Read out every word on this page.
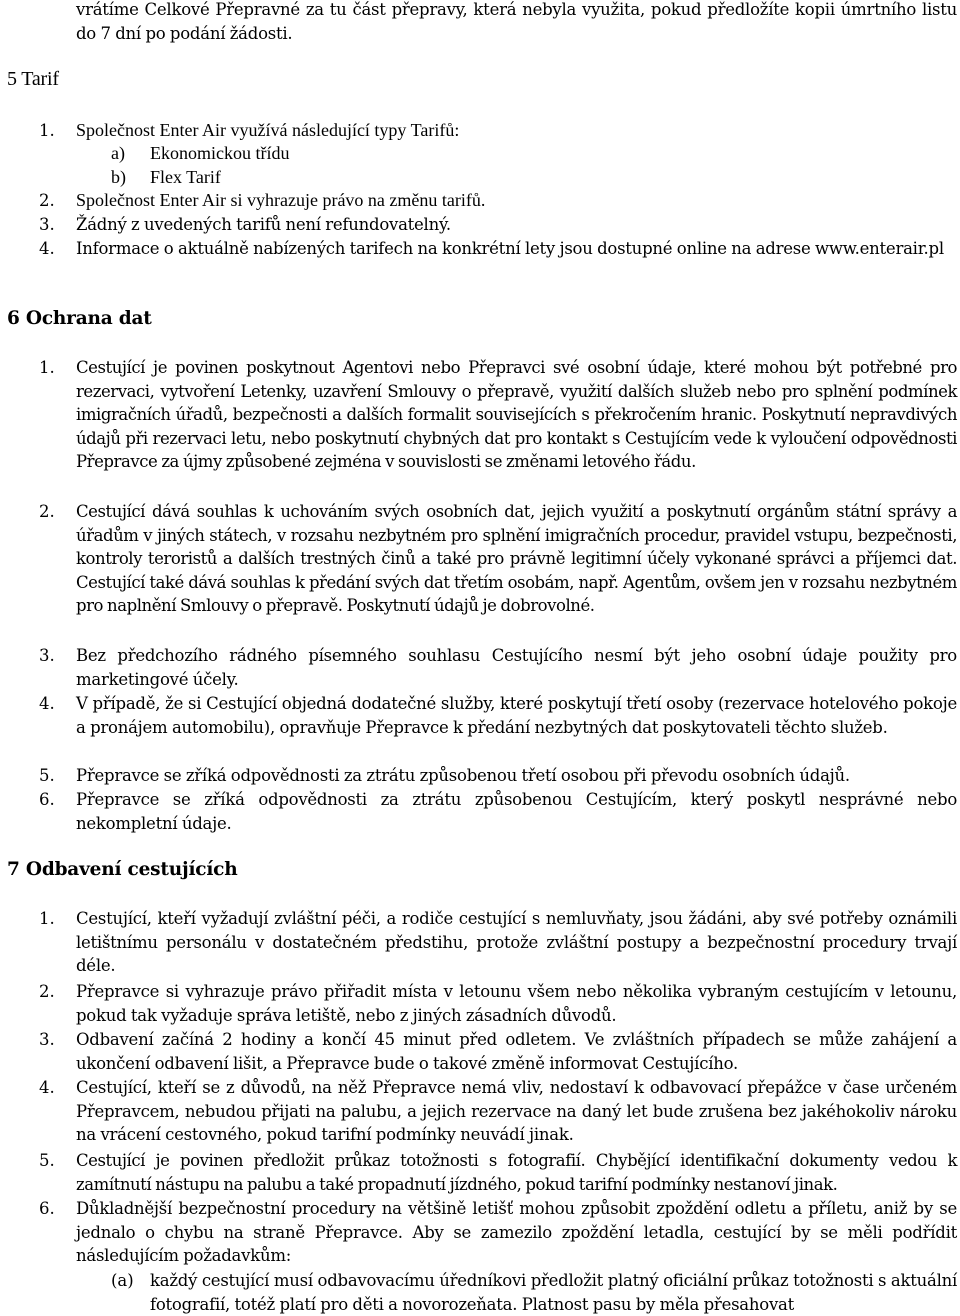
vrátíme Celkové Přepravné za tu část přepravy, která nebyla využita, pokud předložíte kopii úmrtního listu do 7 dní po podání žádosti.
5 Tarif
1. Společnost Enter Air využívá následující typy Tarifů:
a) Ekonomickou třídu
b) Flex Tarif
2. Společnost Enter Air si vyhrazuje právo na změnu tarifů.
3. Žádný z uvedených tarifů není refundovatelný.
4. Informace o aktuálně nabízených tarifech na konkrétní lety jsou dostupné online na adrese www.enterair.pl
6 Ochrana dat
1. Cestující je povinen poskytnout Agentovi nebo Přepravci své osobní údaje, které mohou být potřebné pro rezervaci, vytvoření Letenky, uzavření Smlouvy o přepravě, využití dalších služeb nebo pro splnění podmínek imigračních úřadů, bezpečnosti a dalších formalit souvisejících s překročením hranic. Poskytnutí nepravdivých údajů při rezervaci letu, nebo poskytnutí chybných dat pro kontakt s Cestujícím vede k vyloučení odpovědnosti Přepravce za újmy způsobené zejména v souvislosti se změnami letového řádu.
2. Cestující dává souhlas k uchováním svých osobních dat, jejich využití a poskytnutí orgánům státní správy a úřadům v jiných státech, v rozsahu nezbytném pro splnění imigračních procedur, pravidel vstupu, bezpečnosti, kontroly teroristů a dalších trestných činů a také pro právně legitimní účely vykonané správci a příjemci dat. Cestující také dává souhlas k předání svých dat třetím osobám, např. Agentům, ovšem jen v rozsahu nezbytném pro naplnění Smlouvy o přepravě. Poskytnutí údajů je dobrovolné.
3. Bez předchozího rádného písemného souhlasu Cestujícího nesmí být jeho osobní údaje použity pro marketingové účely.
4. V případě, že si Cestující objedná dodatečné služby, které poskytují třetí osoby (rezervace hotelového pokoje a pronájem automobilu), opravňuje Přepravce k předání nezbytných dat poskytovateli těchto služeb.
5. Přepravce se zříká odpovědnosti za ztrátu způsobenou třetí osobou při převodu osobních údajů.
6. Přepravce se zříká odpovědnosti za ztrátu způsobenou Cestujícím, který poskytl nesprávné nebo nekompletní údaje.
7 Odbavení cestujících
1. Cestující, kteří vyžadují zvláštní péči, a rodiče cestující s nemluvňaty, jsou žádáni, aby své potřeby oznámili letištnímu personálu v dostatečném předstihu, protože zvláštní postupy a bezpečnostní procedury trvají déle.
2. Přepravce si vyhrazuje právo přiřadit místa v letounu všem nebo několika vybraným cestujícím v letounu, pokud tak vyžaduje správa letiště, nebo z jiných zásadních důvodů.
3. Odbavení začíná 2 hodiny a končí 45 minut před odletem. Ve zvláštních případech se může zahájení a ukončení odbavení lišit, a Přepravce bude o takové změně informovat Cestujícího.
4. Cestující, kteří se z důvodů, na něž Přepravce nemá vliv, nedostaví k odbavovací přepážce v čase určeném Přepravcem, nebudou přijati na palubu, a jejich rezervace na daný let bude zrušena bez jakéhokoliv nároku na vrácení cestovného, pokud tarifní podmínky neuvádí jinak.
5. Cestující je povinen předložit průkaz totožnosti s fotografií. Chybějící identifikační dokumenty vedou k zamítnutí nástupu na palubu a také propadnutí jízdného, pokud tarifní podmínky nestanoví jinak.
6. Důkladnější bezpečnostní procedury na většině letišť mohou způsobit zpoždění odletu a příletu, aniž by se jednalo o chybu na straně Přepravce. Aby se zamezilo zpoždění letadla, cestující by se měli podřídit následujícím požadavkům:
(a) každý cestující musí odbavovacímu úředníkovi předložit platný oficiální průkaz totožnosti s aktuální fotografií, totéž platí pro děti a novorozeňata. Platnost pasu by měla přesahovat
